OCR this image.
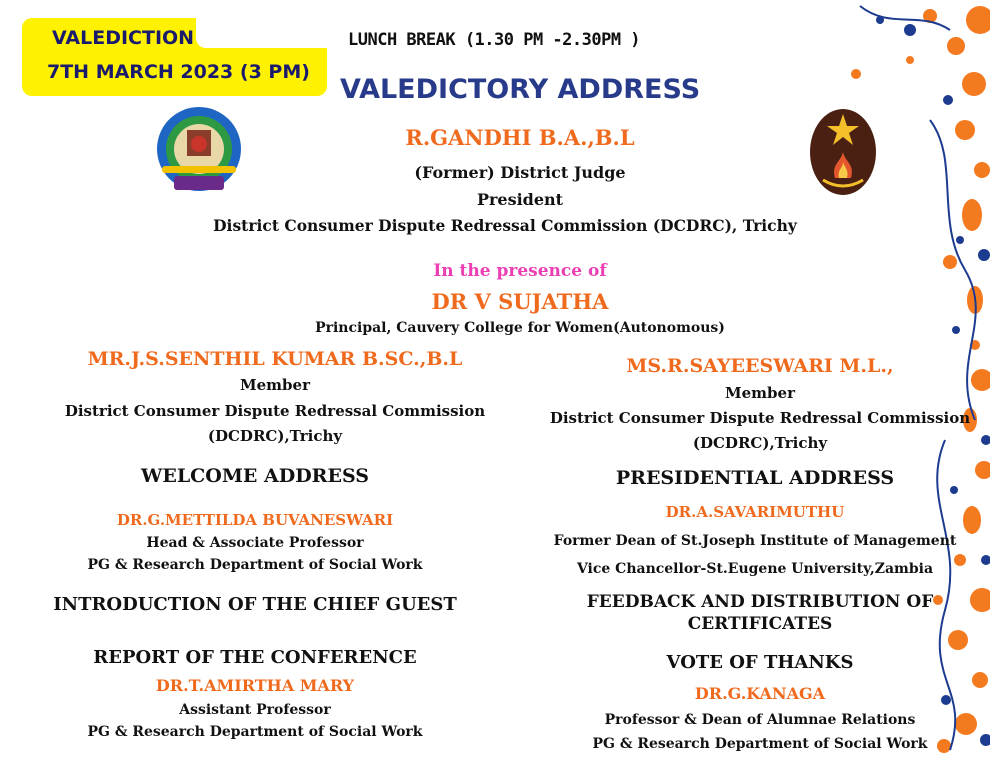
VALEDICTION
7TH MARCH 2023 (3 PM)
LUNCH BREAK (1.30 PM -2.30PM )
VALEDICTORY ADDRESS
R.GANDHI B.A.,B.L
(Former) District Judge
President
District Consumer Dispute Redressal Commission (DCDRC), Trichy
In the presence of
DR V SUJATHA
Principal, Cauvery College for Women(Autonomous)
MR.J.S.SENTHIL KUMAR B.SC.,B.L
Member
District Consumer Dispute Redressal Commission
(DCDRC),Trichy
MS.R.SAYEESWARI M.L.,
Member
District Consumer Dispute Redressal Commission
(DCDRC),Trichy
WELCOME ADDRESS
DR.G.METTILDA BUVANESWARI
Head & Associate Professor
PG & Research Department of Social Work
PRESIDENTIAL ADDRESS
DR.A.SAVARIMUTHU
Former Dean of St.Joseph Institute of Management
Vice Chancellor-St.Eugene University,Zambia
INTRODUCTION OF THE CHIEF GUEST	FEEDBACK AND DISTRIBUTION OF
CERTIFICATES
REPORT OF THE CONFERENCE
DR.T.AMIRTHA MARY
Assistant Professor
PG & Research Department of Social Work
VOTE OF THANKS
DR.G.KANAGA
Professor & Dean of Alumnae Relations
PG & Research Department of Social Work
